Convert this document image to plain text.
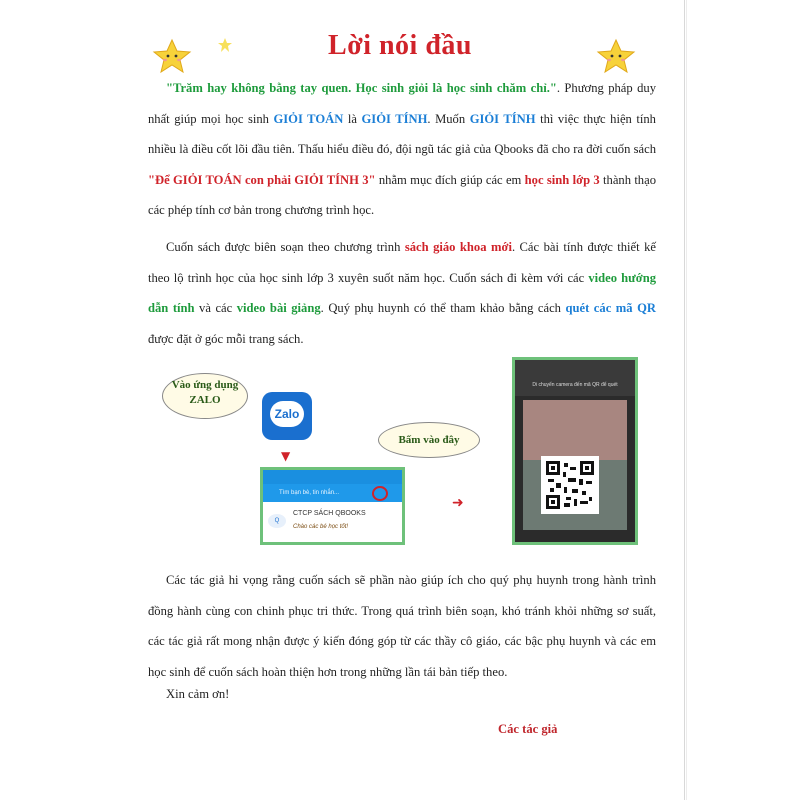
Lời nói đầu
"Trăm hay không bằng tay quen. Học sinh giỏi là học sinh chăm chỉ.". Phương pháp duy nhất giúp mọi học sinh GIỎI TOÁN là GIỎI TÍNH. Muốn GIỎI TÍNH thì việc thực hiện tính nhiều là điều cốt lõi đầu tiên. Thấu hiểu điều đó, đội ngũ tác giả của Qbooks đã cho ra đời cuốn sách "Để GIỎI TOÁN con phải GIỎI TÍNH 3" nhằm mục đích giúp các em học sinh lớp 3 thành thạo các phép tính cơ bản trong chương trình học.
Cuốn sách được biên soạn theo chương trình sách giáo khoa mới. Các bài tính được thiết kế theo lộ trình học của học sinh lớp 3 xuyên suốt năm học. Cuốn sách đi kèm với các video hướng dẫn tính và các video bài giảng. Quý phụ huynh có thể tham khảo bằng cách quét các mã QR được đặt ở góc mỗi trang sách.
Vào ứng dụng
ZALO
Zalo
▼
Bấm vào đây
Tìm bạn bè, tin nhắn...
Q
CTCP SÁCH QBOOKS
Chào các bé học tốt!
➜
Di chuyển camera đến mã QR để quét
Các tác giả hi vọng rằng cuốn sách sẽ phần nào giúp ích cho quý phụ huynh trong hành trình đồng hành cùng con chinh phục tri thức. Trong quá trình biên soạn, khó tránh khỏi những sơ suất, các tác giả rất mong nhận được ý kiến đóng góp từ các thầy cô giáo, các bậc phụ huynh và các em học sinh để cuốn sách hoàn thiện hơn trong những lần tái bản tiếp theo.
Xin cảm ơn!
Các tác giả
